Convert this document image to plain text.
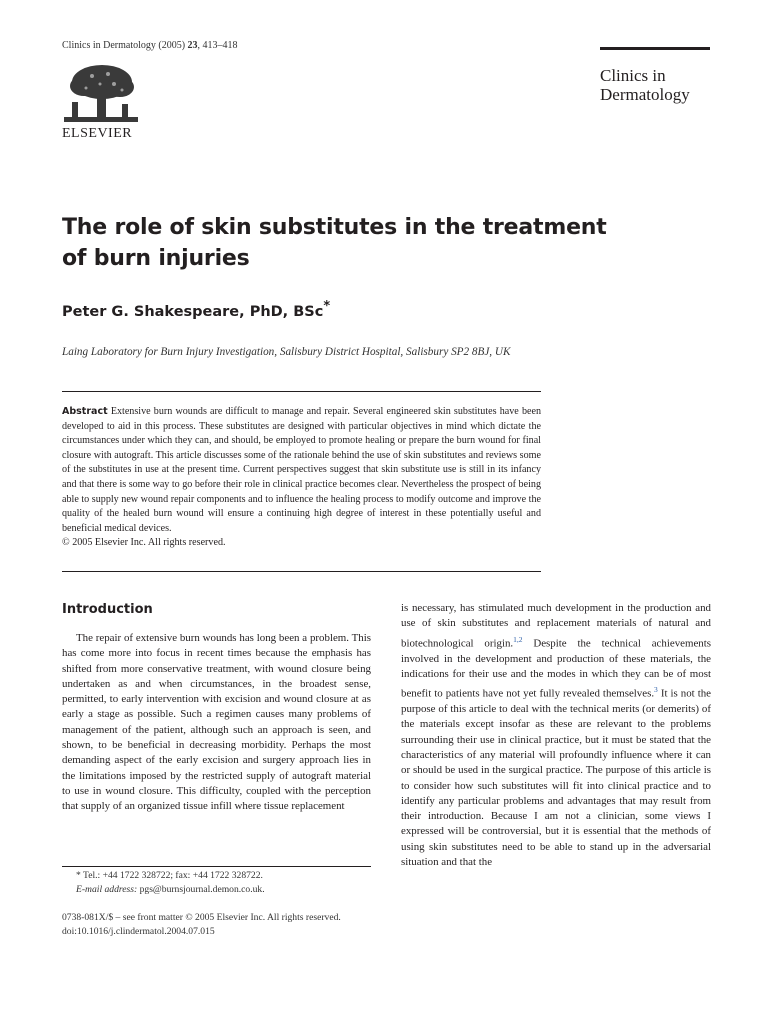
Clinics in Dermatology (2005) 23, 413–418
ELSEVIER
Clinics in
Dermatology
The role of skin substitutes in the treatment of burn injuries
Peter G. Shakespeare, PhD, BSc*
Laing Laboratory for Burn Injury Investigation, Salisbury District Hospital, Salisbury SP2 8BJ, UK
Abstract Extensive burn wounds are difficult to manage and repair. Several engineered skin substitutes have been developed to aid in this process. These substitutes are designed with particular objectives in mind which dictate the circumstances under which they can, and should, be employed to promote healing or prepare the burn wound for final closure with autograft. This article discusses some of the rationale behind the use of skin substitutes and reviews some of the substitutes in use at the present time. Current perspectives suggest that skin substitute use is still in its infancy and that there is some way to go before their role in clinical practice becomes clear. Nevertheless the prospect of being able to supply new wound repair components and to influence the healing process to modify outcome and improve the quality of the healed burn wound will ensure a continuing high degree of interest in these potentially useful and beneficial medical devices.
© 2005 Elsevier Inc. All rights reserved.
Introduction
The repair of extensive burn wounds has long been a problem. This has come more into focus in recent times because the emphasis has shifted from more conservative treatment, with wound closure being undertaken as and when circumstances, in the broadest sense, permitted, to early intervention with excision and wound closure at as early a stage as possible. Such a regimen causes many problems of management of the patient, although such an approach is seen, and shown, to be beneficial in decreasing morbidity. Perhaps the most demanding aspect of the early excision and surgery approach lies in the limitations imposed by the restricted supply of autograft material to use in wound closure. This difficulty, coupled with the perception that supply of an organized tissue infill where tissue replacement
is necessary, has stimulated much development in the production and use of skin substitutes and replacement materials of natural and biotechnological origin.$^{1,2}$ Despite the technical achievements involved in the development and production of these materials, the indications for their use and the modes in which they can be of most benefit to patients have not yet fully revealed themselves.$^3$ It is not the purpose of this article to deal with the technical merits (or demerits) of the materials except insofar as these are relevant to the problems surrounding their use in clinical practice, but it must be stated that the characteristics of any material will profoundly influence where it can or should be used in the surgical practice. The purpose of this article is to consider how such substitutes will fit into clinical practice and to identify any particular problems and advantages that may result from their introduction. Because I am not a clinician, some views I expressed will be controversial, but it is essential that the methods of using skin substitutes need to be able to stand up in the adversarial situation and that the
* Tel.: +44 1722 328722; fax: +44 1722 328722.
E-mail address: pgs@burnsjournal.demon.co.uk.
0738-081X/$ – see front matter © 2005 Elsevier Inc. All rights reserved.
doi:10.1016/j.clindermatol.2004.07.015
